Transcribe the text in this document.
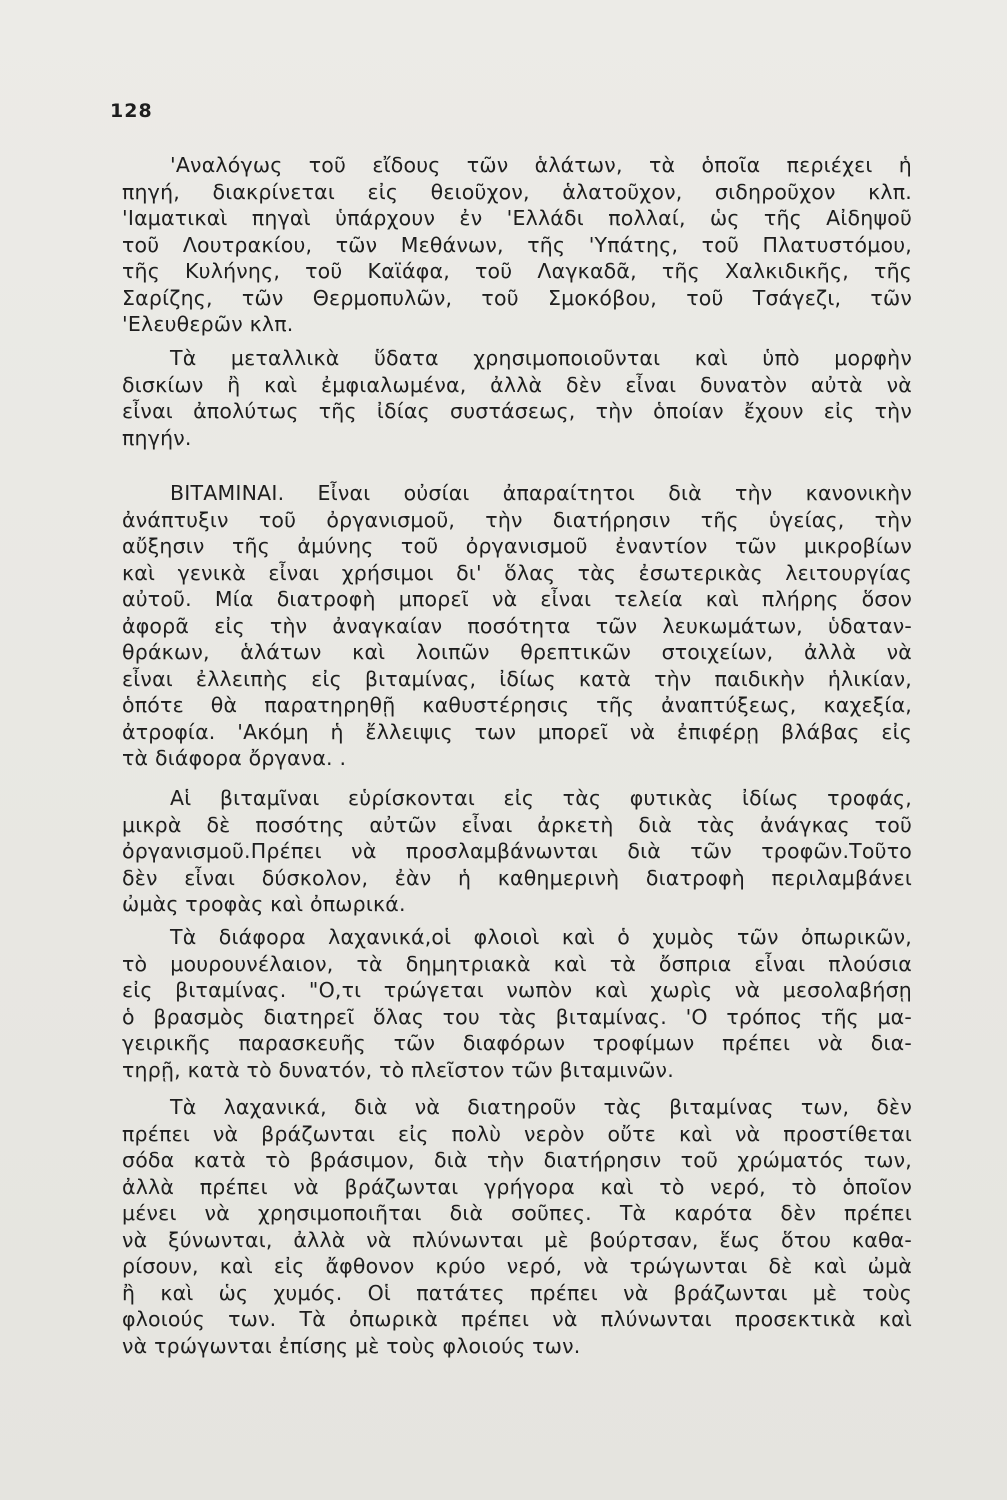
128
'Αναλόγως τοῦ εἴδους τῶν ἁλάτων, τὰ ὁποῖα περιέχει ἡ
πηγή, διακρίνεται εἰς θειοῦχον, ἁλατοῦχον, σιδηροῦχον κλπ.
'Ιαματικαὶ πηγαὶ ὑπάρχουν ἐν 'Ελλάδι πολλαί, ὡς τῆς Αἰδηψοῦ
τοῦ Λουτρακίου, τῶν Μεθάνων, τῆς 'Υπάτης, τοῦ Πλατυστόμου,
τῆς Κυλήνης, τοῦ Καϊάφα, τοῦ Λαγκαδᾶ, τῆς Χαλκιδικῆς, τῆς
Σαρίζης, τῶν Θερμοπυλῶν, τοῦ Σμοκόβου, τοῦ Τσάγεζι, τῶν
'Ελευθερῶν κλπ.
Τὰ μεταλλικὰ ὕδατα χρησιμοποιοῦνται καὶ ὑπὸ μορφὴν
δισκίων ἢ καὶ ἐμφιαλωμένα, ἀλλὰ δὲν εἶναι δυνατὸν αὐτὰ νὰ
εἶναι ἀπολύτως τῆς ἰδίας συστάσεως, τὴν ὁποίαν ἔχουν εἰς τὴν
πηγήν.
ΒΙΤΑΜΙΝΑΙ. Εἶναι οὐσίαι ἀπαραίτητοι διὰ τὴν κανονικὴν
ἀνάπτυξιν τοῦ ὀργανισμοῦ, τὴν διατήρησιν τῆς ὑγείας, τὴν
αὔξησιν τῆς ἀμύνης τοῦ ὀργανισμοῦ ἐναντίον τῶν μικροβίων
καὶ γενικὰ εἶναι χρήσιμοι δι' ὅλας τὰς ἐσωτερικὰς λειτουργίας
αὐτοῦ. Μία διατροφὴ μπορεῖ νὰ εἶναι τελεία καὶ πλήρης ὅσον
ἀφορᾶ εἰς τὴν ἀναγκαίαν ποσότητα τῶν λευκωμάτων, ὑδαταν-
θράκων, ἁλάτων καὶ λοιπῶν θρεπτικῶν στοιχείων, ἀλλὰ νὰ
εἶναι ἐλλειπὴς εἰς βιταμίνας, ἰδίως κατὰ τὴν παιδικὴν ἡλικίαν,
ὁπότε θὰ παρατηρηθῇ καθυστέρησις τῆς ἀναπτύξεως, καχεξία,
ἀτροφία. 'Ακόμη ἡ ἔλλειψις των μπορεῖ νὰ ἐπιφέρῃ βλάβας εἰς
τὰ διάφορα ὄργανα. .
Αἱ βιταμῖναι εὑρίσκονται εἰς τὰς φυτικὰς ἰδίως τροφάς,
μικρὰ δὲ ποσότης αὐτῶν εἶναι ἀρκετὴ διὰ τὰς ἀνάγκας τοῦ
ὀργανισμοῦ.Πρέπει νὰ προσλαμβάνωνται διὰ τῶν τροφῶν.Τοῦτο
δὲν εἶναι δύσκολον, ἐὰν ἡ καθημερινὴ διατροφὴ περιλαμβάνει
ὠμὰς τροφὰς καὶ ὀπωρικά.
Τὰ διάφορα λαχανικά,οἱ φλοιοὶ καὶ ὁ χυμὸς τῶν ὀπωρικῶν,
τὸ μουρουνέλαιον, τὰ δημητριακὰ καὶ τὰ ὄσπρια εἶναι πλούσια
εἰς βιταμίνας. "Ο,τι τρώγεται νωπὸν καὶ χωρὶς νὰ μεσολαβήσῃ
ὁ βρασμὸς διατηρεῖ ὅλας του τὰς βιταμίνας. 'Ο τρόπος τῆς μα-
γειρικῆς παρασκευῆς τῶν διαφόρων τροφίμων πρέπει νὰ δια-
τηρῇ, κατὰ τὸ δυνατόν, τὸ πλεῖστον τῶν βιταμινῶν.
Τὰ λαχανικά, διὰ νὰ διατηροῦν τὰς βιταμίνας των, δὲν
πρέπει νὰ βράζωνται εἰς πολὺ νερὸν οὔτε καὶ νὰ προστίθεται
σόδα κατὰ τὸ βράσιμον, διὰ τὴν διατήρησιν τοῦ χρώματός των,
ἀλλὰ πρέπει νὰ βράζωνται γρήγορα καὶ τὸ νερό, τὸ ὁποῖον
μένει νὰ χρησιμοποιῆται διὰ σοῦπες. Τὰ καρότα δὲν πρέπει
νὰ ξύνωνται, ἀλλὰ νὰ πλύνωνται μὲ βούρτσαν, ἕως ὅτου καθα-
ρίσουν, καὶ εἰς ἄφθονον κρύο νερό, νὰ τρώγωνται δὲ καὶ ὠμὰ
ἢ καὶ ὡς χυμός. Οἱ πατάτες πρέπει νὰ βράζωνται μὲ τοὺς
φλοιούς των. Τὰ ὀπωρικὰ πρέπει νὰ πλύνωνται προσεκτικὰ καὶ
νὰ τρώγωνται ἐπίσης μὲ τοὺς φλοιούς των.
